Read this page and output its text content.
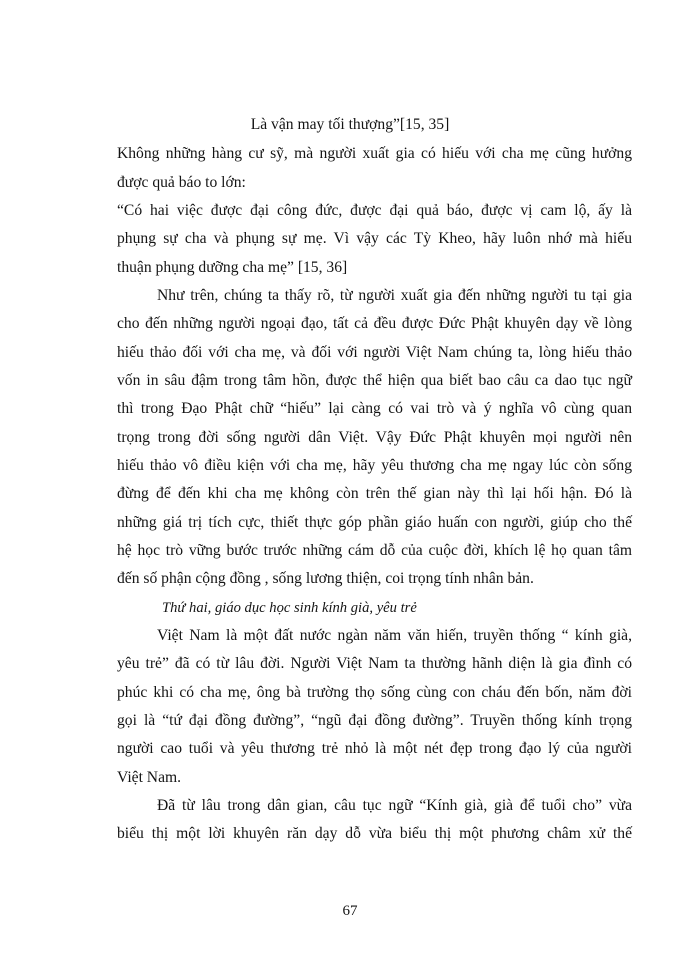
Là vận may tối thượng”[15, 35]
Không những hàng cư sỹ, mà người xuất gia có hiếu với cha mẹ cũng hưởng
được quả báo to lớn:
“Có hai việc được đại công đức, được đại quả báo, được vị cam lộ, ấy là
phụng sự cha và phụng sự mẹ. Vì vậy các Tỳ Kheo, hãy luôn nhớ mà hiếu
thuận phụng dưỡng cha mẹ” [15, 36]
Như trên, chúng ta thấy rõ, từ người xuất gia đến những người tu tại gia
cho đến những người ngoại đạo, tất cả đều được Đức Phật khuyên dạy về lòng
hiếu thảo đối với cha mẹ, và đối với người Việt Nam chúng ta, lòng hiếu thảo
vốn in sâu đậm trong tâm hồn, được thể hiện qua biết bao câu ca dao tục ngữ
thì trong Đạo Phật chữ “hiếu” lại càng có vai trò và ý nghĩa vô cùng quan
trọng trong đời sống người dân Việt. Vậy Đức Phật khuyên mọi người nên
hiếu thảo vô điều kiện với cha mẹ, hãy yêu thương cha mẹ ngay lúc còn sống
đừng để đến khi cha mẹ không còn trên thế gian này thì lại hối hận. Đó là
những giá trị tích cực, thiết thực góp phần giáo huấn con người, giúp cho thế
hệ học trò vững bước trước những cám dỗ của cuộc đời, khích lệ họ quan tâm
đến số phận cộng đồng , sống lương thiện, coi trọng tính nhân bản.
Thứ hai, giáo dục học sinh kính già, yêu trẻ
Việt Nam là một đất nước ngàn năm văn hiến, truyền thống “ kính già,
yêu trẻ” đã có từ lâu đời. Người Việt Nam ta thường hãnh diện là gia đình có
phúc khi có cha mẹ, ông bà trường thọ sống cùng con cháu đến bốn, năm đời
gọi là “tứ đại đồng đường”, “ngũ đại đồng đường”. Truyền thống kính trọng
người cao tuổi và yêu thương trẻ nhỏ là một nét đẹp trong đạo lý của người
Việt Nam.
Đã từ lâu trong dân gian, câu tục ngữ “Kính già, già để tuổi cho” vừa
biểu thị một lời khuyên răn dạy dỗ vừa biểu thị một phương châm xử thế
67
